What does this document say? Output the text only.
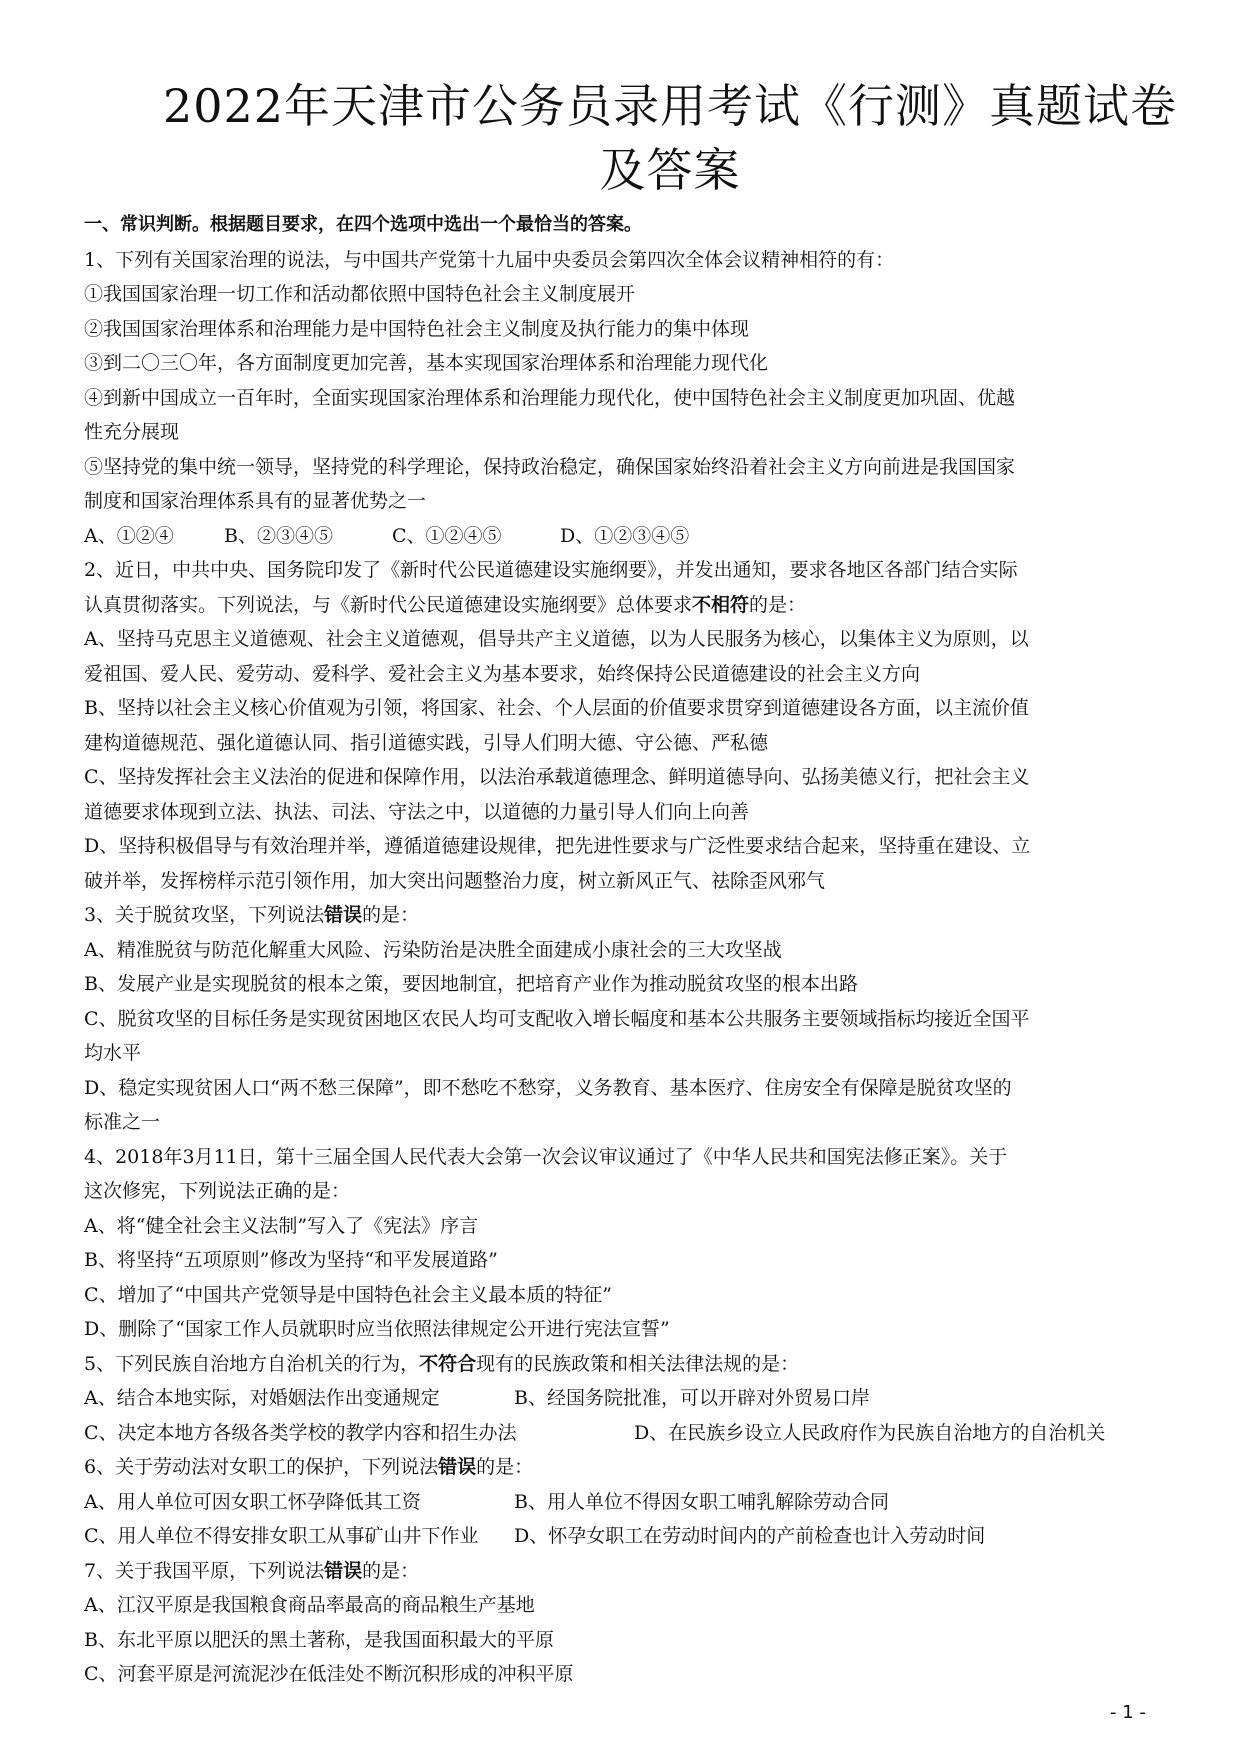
2022年天津市公务员录用考试《行测》真题试卷
及答案
一、常识判断。根据题目要求，在四个选项中选出一个最恰当的答案。
1、下列有关国家治理的说法，与中国共产党第十九届中央委员会第四次全体会议精神相符的有：
①我国国家治理一切工作和活动都依照中国特色社会主义制度展开
②我国国家治理体系和治理能力是中国特色社会主义制度及执行能力的集中体现
③到二〇三〇年，各方面制度更加完善，基本实现国家治理体系和治理能力现代化
④到新中国成立一百年时，全面实现国家治理体系和治理能力现代化，使中国特色社会主义制度更加巩固、优越
性充分展现
⑤坚持党的集中统一领导，坚持党的科学理论，保持政治稳定，确保国家始终沿着社会主义方向前进是我国国家
制度和国家治理体系具有的显著优势之一
A、①②④	B、②③④⑤	C、①②④⑤	D、①②③④⑤
2、近日，中共中央、国务院印发了《新时代公民道德建设实施纲要》，并发出通知，要求各地区各部门结合实际
认真贯彻落实。下列说法，与《新时代公民道德建设实施纲要》总体要求不相符的是：
A、坚持马克思主义道德观、社会主义道德观，倡导共产主义道德，以为人民服务为核心，以集体主义为原则，以
爱祖国、爱人民、爱劳动、爱科学、爱社会主义为基本要求，始终保持公民道德建设的社会主义方向
B、坚持以社会主义核心价值观为引领，将国家、社会、个人层面的价值要求贯穿到道德建设各方面，以主流价值
建构道德规范、强化道德认同、指引道德实践，引导人们明大德、守公德、严私德
C、坚持发挥社会主义法治的促进和保障作用，以法治承载道德理念、鲜明道德导向、弘扬美德义行，把社会主义
道德要求体现到立法、执法、司法、守法之中，以道德的力量引导人们向上向善
D、坚持积极倡导与有效治理并举，遵循道德建设规律，把先进性要求与广泛性要求结合起来，坚持重在建设、立
破并举，发挥榜样示范引领作用，加大突出问题整治力度，树立新风正气、祛除歪风邪气
3、关于脱贫攻坚，下列说法错误的是：
A、精准脱贫与防范化解重大风险、污染防治是决胜全面建成小康社会的三大攻坚战
B、发展产业是实现脱贫的根本之策，要因地制宜，把培育产业作为推动脱贫攻坚的根本出路
C、脱贫攻坚的目标任务是实现贫困地区农民人均可支配收入增长幅度和基本公共服务主要领域指标均接近全国平
均水平
D、稳定实现贫困人口“两不愁三保障”，即不愁吃不愁穿，义务教育、基本医疗、住房安全有保障是脱贫攻坚的
标准之一
4、2018年3月11日，第十三届全国人民代表大会第一次会议审议通过了《中华人民共和国宪法修正案》。关于
这次修宪，下列说法正确的是：
A、将“健全社会主义法制”写入了《宪法》序言
B、将坚持“五项原则”修改为坚持“和平发展道路”
C、增加了“中国共产党领导是中国特色社会主义最本质的特征”
D、删除了“国家工作人员就职时应当依照法律规定公开进行宪法宣誓”
5、下列民族自治地方自治机关的行为，不符合现有的民族政策和相关法律法规的是：
A、结合本地实际，对婚姻法作出变通规定	B、经国务院批准，可以开辟对外贸易口岸
C、决定本地方各级各类学校的教学内容和招生办法	D、在民族乡设立人民政府作为民族自治地方的自治机关
6、关于劳动法对女职工的保护，下列说法错误的是：
A、用人单位可因女职工怀孕降低其工资	B、用人单位不得因女职工哺乳解除劳动合同
C、用人单位不得安排女职工从事矿山井下作业 D、怀孕女职工在劳动时间内的产前检查也计入劳动时间
7、关于我国平原，下列说法错误的是：
A、江汉平原是我国粮食商品率最高的商品粮生产基地
B、东北平原以肥沃的黑土著称，是我国面积最大的平原
C、河套平原是河流泥沙在低洼处不断沉积形成的冲积平原
- 1 -
